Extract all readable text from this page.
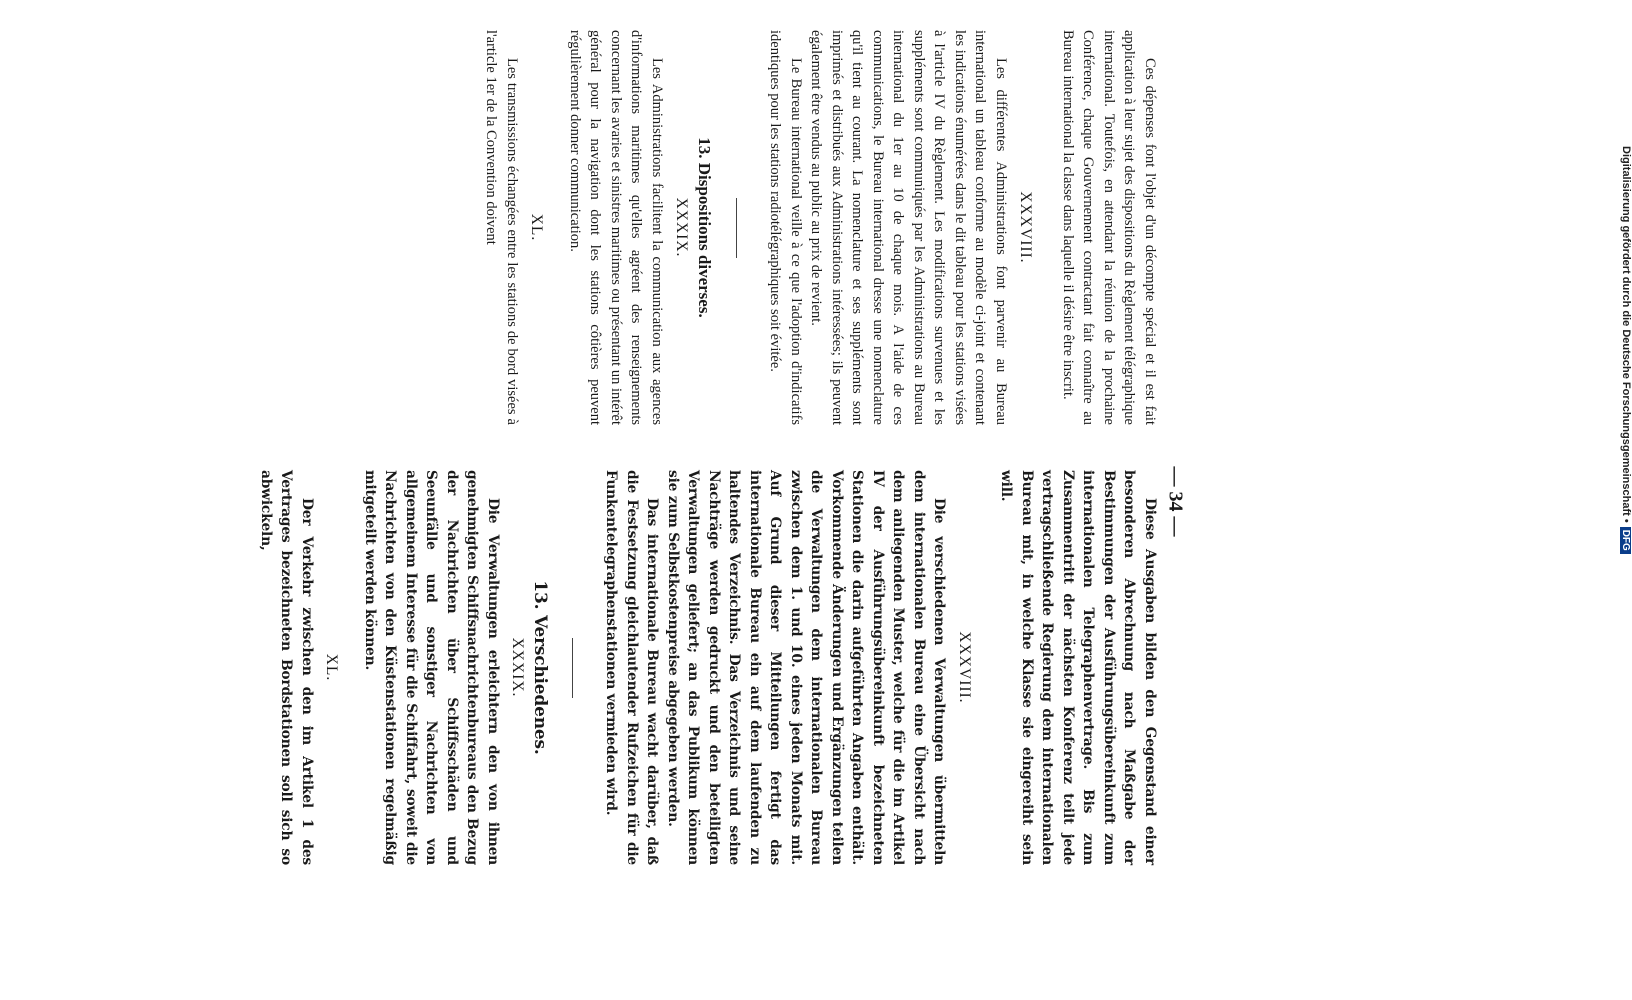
— 34 —

Ces dépenses font l'objet d'un décompte spécial et il est fait application à leur sujet des dispositions du Règlement télégraphique international. Toutefois, en attendant la réunion de la prochaine Conférence, chaque Gouvernement contractant fait connaître au Bureau international la classe dans laquelle il désire être inscrit.

XXXVIII.

Les différentes Administrations font parvenir au Bureau international un tableau conforme au modèle ci-joint et contenant les indications énumérées dans le dit tableau pour les stations visées à l'article IV du Règlement. Les modifications survenues et les suppléments sont communiqués par les Administrations au Bureau international du 1er au 10 de chaque mois. A l'aide de ces communications, le Bureau international dresse une nomenclature qu'il tient au courant. La nomenclature et ses suppléments sont imprimés et distribués aux Administrations intéressées; ils peuvent également être vendus au public au prix de revient.

Le Bureau international veille à ce que l'adoption d'indicatifs identiques pour les stations radiotélégraphiques soit évitée.

13. Dispositions diverses.
XXXIX.

Les Administrations facilitent la communication aux agences d'informations maritimes qu'elles agréent des renseignements concernant les avaries et sinistres maritimes ou présentant un intérêt général pour la navigation dont les stations côtières peuvent régulièrement donner communication.

XL.

Les transmissions échangées entre les stations de bord visées à l'article 1er de la Convention doivent

Diese Ausgaben bilden den Gegenstand einer besonderen Abrechnung nach Maßgabe der Bestimmungen der Ausführungsübereinkunft zum internationalen Telegraphenvertrage. Bis zum Zusammentritt der nächsten Konferenz teilt jede vertragschließende Regierung dem internationalen Bureau mit, in welche Klasse sie eingereiht sein will.

XXXVIII.

Die verschiedenen Verwaltungen übermitteln dem internationalen Bureau eine Übersicht nach dem anliegenden Muster, welche für die im Artikel IV der Ausführungsübereinkunft bezeichneten Stationen die darin aufgeführten Angaben enthält. Vorkommende Änderungen und Ergänzungen teilen die Verwaltungen dem internationalen Bureau zwischen dem 1. und 10. eines jeden Monats mit. Auf Grund dieser Mitteilungen fertigt das internationale Bureau ein auf dem laufenden zu haltendes Verzeichnis. Das Verzeichnis und seine Nachträge werden gedruckt und den beteiligten Verwaltungen geliefert; an das Publikum können sie zum Selbstkostenpreise abgegeben werden.

Das internationale Bureau wacht darüber, daß die Festsetzung gleichlautender Rufzeichen für die Funkentelegraphenstationen vermieden wird.

13. Verschiedenes.
XXXIX.

Die Verwaltungen erleichtern den von ihnen genehmigten Schiffsnachrichtenbureaus den Bezug der Nachrichten über Schiffsschäden und Seeunfälle und sonstiger Nachrichten von allgemeinem Interesse für die Schiffahrt, soweit die Nachrichten von den Küstenstationen regelmäßig mitgeteilt werden können.

XL.

Der Verkehr zwischen den im Artikel 1 des Vertrages bezeichneten Bordstationen soll sich so abwickeln,	Digitalisierung gefördert durch die Deutsche Forschungsgemeinschaft •DFG
